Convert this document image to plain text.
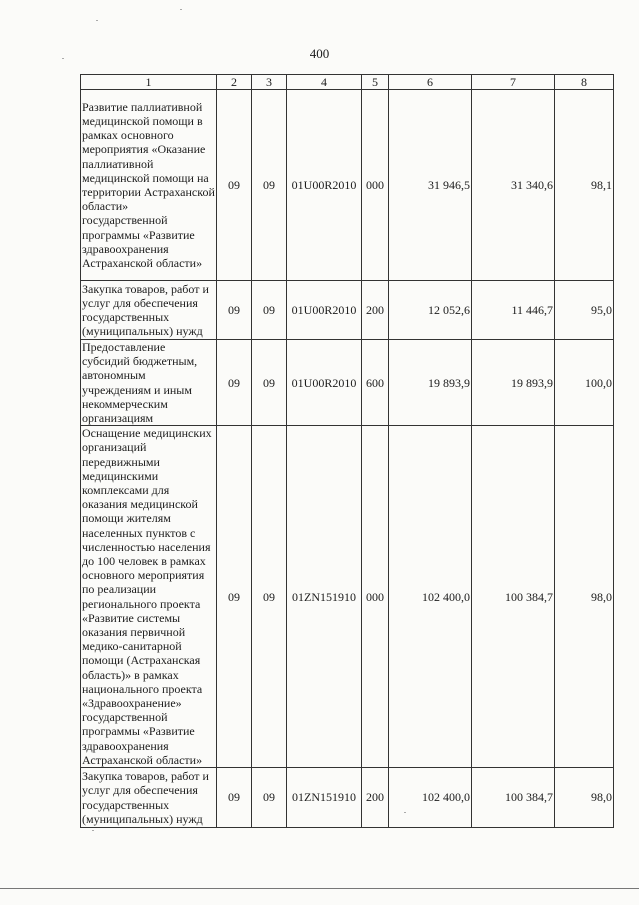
400
1	2	3	4	5	6	7	8
Развитие паллиативной медицинской помощи в рамках основного мероприятия «Оказание паллиативной медицинской помощи на территории Астраханской области» государственной программы «Развитие здравоохранения Астраханской области»	09	09	01U00R2010	000	31 946,5	31 340,6	98,1
Закупка товаров, работ и услуг для обеспечения государственных (муниципальных) нужд	09	09	01U00R2010	200	12 052,6	11 446,7	95,0
Предоставление субсидий бюджетным, автономным учреждениям и иным некоммерческим организациям	09	09	01U00R2010	600	19 893,9	19 893,9	100,0
Оснащение медицинских организаций передвижными медицинскими комплексами для оказания медицинской помощи жителям населенных пунктов с численностью населения до 100 человек в рамках основного мероприятия по реализации регионального проекта «Развитие системы оказания первичной медико-санитарной помощи (Астраханская область)» в рамках национального проекта «Здравоохранение» государственной программы «Развитие здравоохранения Астраханской области»	09	09	01ZN151910	000	102 400,0	100 384,7	98,0
Закупка товаров, работ и услуг для обеспечения государственных (муниципальных) нужд	09	09	01ZN151910	200	102 400,0	100 384,7	98,0
